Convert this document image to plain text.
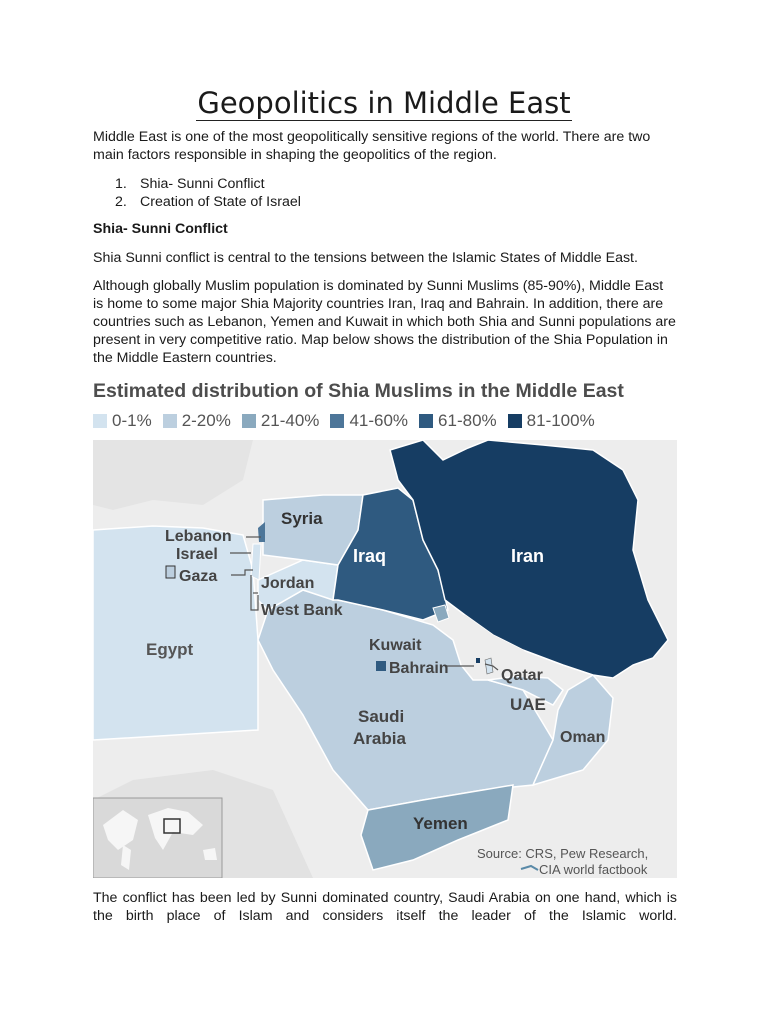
Geopolitics in Middle East

Middle East is one of the most geopolitically sensitive regions of the world. There are two main factors responsible in shaping the geopolitics of the region.

1. Shia- Sunni Conflict
2. Creation of State of Israel
Shia- Sunni Conflict

Shia Sunni conflict is central to the tensions between the Islamic States of Middle East.

Although globally Muslim population is dominated by Sunni Muslims (85-90%), Middle East is home to some major Shia Majority countries Iran, Iraq and Bahrain. In addition, there are countries such as Lebanon, Yemen and Kuwait in which both Shia and Sunni populations are present in very competitive ratio. Map below shows the distribution of the Shia Population in the Middle Eastern countries.

Estimated distribution of Shia Muslims in the Middle East
0-1% 2-20% 21-40% 41-60% 61-80% 81-100%
Syria
Lebanon
Israel
Gaza	Jordan
West Bank
Iraq	Iran
Egypt	Kuwait
Bahrain	Qatar
UAE
Saudi
Arabia	Oman
Yemen
Source: CRS, Pew Research,
CIA world factbook

The conflict has been led by Sunni dominated country, Saudi Arabia on one hand, which is the birth place of Islam and considers itself the leader of the Islamic world.
